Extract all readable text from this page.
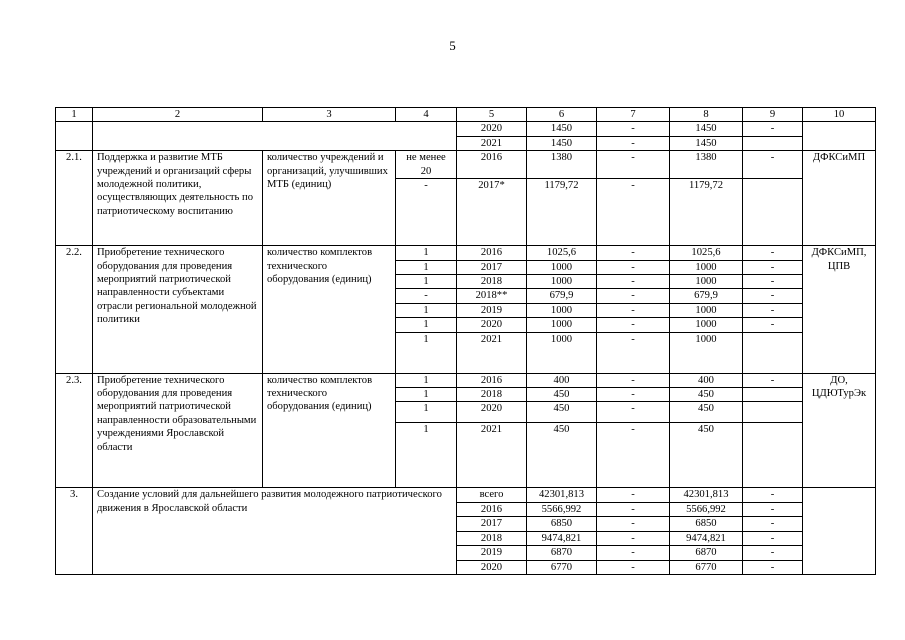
5
1	2	3	4	5	6	7	8	9	10
				2020	1450	-	1450	-	
				2021	1450	-	1450		
2.1.	Поддержка и развитие МТБ учреждений и организаций сферы молодежной политики, осуществляющих деятельность по патриотическому воспитанию	количество учреждений и организаций, улучшивших МТБ (единиц)	не менее 20	2016	1380	-	1380	-	ДФКСиМП
			-	2017*	1179,72	-	1179,72		
2.2.	Приобретение технического оборудования для проведения мероприятий патриотической направленности субъектами отрасли региональной молодежной политики	количество комплектов технического оборудования (единиц)	1	2016	1025,6	-	1025,6	-	ДФКСиМП, ЦПВ
			1	2017	1000	-	1000	-	
			1	2018	1000	-	1000	-	
			-	2018**	679,9	-	679,9	-	
			1	2019	1000	-	1000	-	
			1	2020	1000	-	1000	-	
			1	2021	1000	-	1000		
2.3.	Приобретение технического оборудования для проведения мероприятий патриотической направленности образовательными учреждениями Ярославской области	количество комплектов технического оборудования (единиц)	1	2016	400	-	400	-	ДО, ЦДЮТурЭк
			1	2018	450	-	450		
			1	2020	450	-	450		
			1	2021	450	-	450		
3.	Создание условий для дальнейшего развития молодежного патриотического движения в Ярославской области			всего	42301,813	-	42301,813	-	
				2016	5566,992	-	5566,992	-	
				2017	6850	-	6850	-	
				2018	9474,821	-	9474,821	-	
				2019	6870	-	6870	-	
				2020	6770	-	6770	-	
